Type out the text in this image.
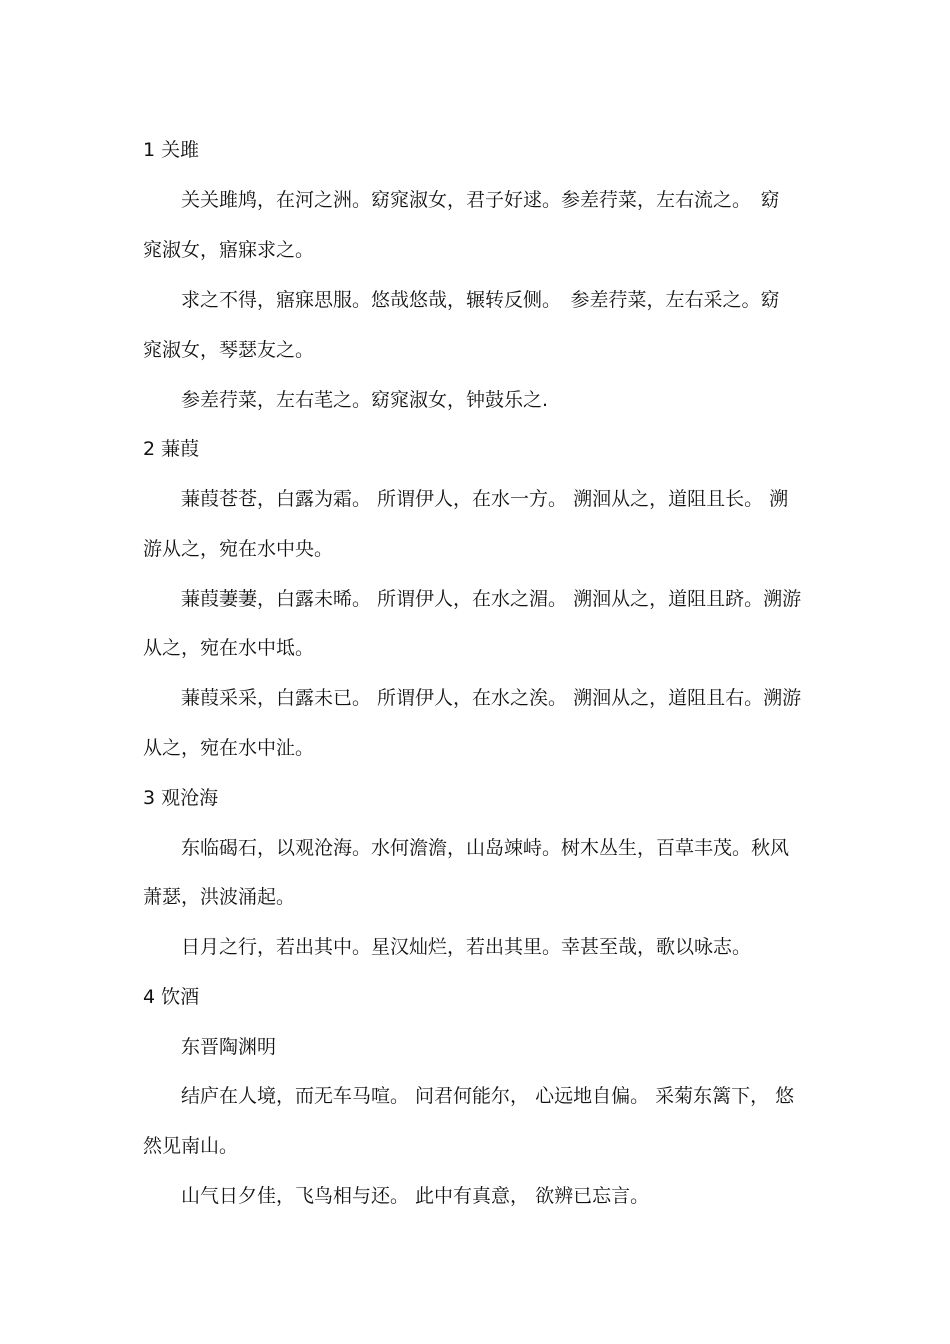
1 关雎
关关雎鸠，在河之洲。窈窕淑女，君子好逑。参差荇菜，左右流之。　窈
窕淑女，寤寐求之。
求之不得，寤寐思服。悠哉悠哉，辗转反侧。　参差荇菜，左右采之。窈
窕淑女，琴瑟友之。
参差荇菜，左右芼之。窈窕淑女，钟鼓乐之.
2 蒹葭
蒹葭苍苍，白露为霜。 所谓伊人，在水一方。 溯洄从之，道阻且长。 溯
游从之，宛在水中央。
蒹葭萋萋，白露未晞。 所谓伊人，在水之湄。 溯洄从之，道阻且跻。溯游
从之，宛在水中坻。
蒹葭采采，白露未已。 所谓伊人，在水之涘。 溯洄从之，道阻且右。溯游
从之，宛在水中沚。
3 观沧海
东临碣石，以观沧海。水何澹澹，山岛竦峙。树木丛生，百草丰茂。秋风
萧瑟，洪波涌起。
日月之行，若出其中。星汉灿烂，若出其里。幸甚至哉，歌以咏志。
4 饮酒
东晋陶渊明
结庐在人境，而无车马喧。 问君何能尔， 心远地自偏。 采菊东篱下， 悠
然见南山。
山气日夕佳，飞鸟相与还。 此中有真意， 欲辨已忘言。
